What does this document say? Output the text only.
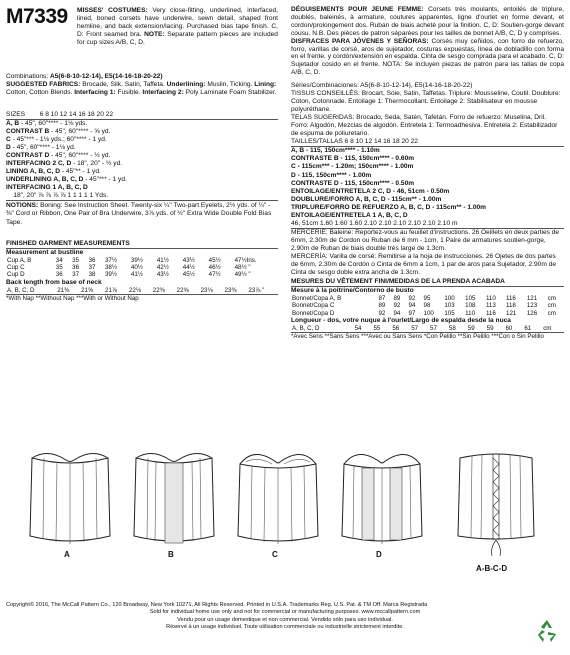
M7339 MISSES' COSTUMES: Very close-fitting, underlined, interfaced, lined, boned corsets have underwire, sewn detail, shaped front hemline, and back extension/lacing. Purchased bias tape finish. C, D: Front seamed bra. NOTE: Separate pattern pieces are included for cup sizes A/B, C, D.
Combinations: A5(6-8-10-12-14), E5(14-16-18-20-22)
SUGGESTED FABRICS: Brocade, Silk, Satin, Taffeta. Underlining: Muslin, Ticking. Lining: Cotton, Cotton Blends. Interfacing 1: Fusible. Interfacing 2: Poly Laminate Foam Stabilizer.
SIZES 6 8 10 12 14 16 18 20 22
A, B - 45", 60"**** - 1⅛ yds.
CONTRAST B - 45", 60"**** - ⅝ yd.
C - 45"*** - 1⅛ yds.; 60"**** - 1 yd.
D - 45", 60"**** - 1⅛ yd.
CONTRAST D - 45", 60"**** - ½ yd.
INTERFACING 2 C, D - 18", 20" - ½ yd.
LINING A, B, C, D - 45"** - 1 yd.
UNDERLINING A, B, C, D - 45"*** - 1 yd.
INTERFACING 1 A, B, C, D
18", 20" ⅞ ⅞ ⅞ ⅞ 1 1 1 1 1 Yds.
NOTIONS: Boning: See Instruction Sheet. Twenty-six ¼" Two-part Eyelets, 2½ yds. of ¼" - ⅜" Cord or Ribbon, One Pair of Bra Underwire, 3⅞ yds. of ½" Extra Wide Double Fold Bias Tape.
FINISHED GARMENT MEASUREMENTS
Measurement at bustline
Cup A, B	34	35	36	37½	39½	41½	43½	45½	47½Ins.
Cup C	35	36	37	38½	40½	42½	44½	46½	48½ "
Cup D	36	37	38	39½	41½	43½	45½	47½	49½ "
Back length from base of neck
A, B, C, D	21⅜	21⅝	21⅞	22⅛	22⅜	22⅝	23⅛	23⅜	23⅞ "
*With Nap **Without Nap ***With or Without Nap
DÉGUISEMENTS POUR JEUNE FEMME: Corsets très moulants, entoilés de triplure, doublés, baleinés, à armature, coutures apparentes, ligne d'ourlet en forme devant, et cordon/prolongement dos. Ruban de biais acheté pour la finition. C, D: Soutien-gorge devant cousu. N.B. Des pièces de patron séparées pour les tailles de bonnet A/B, C, D y comprises.
DISFRACES PARA JÓVENES Y SEÑORAS: Corsés muy ceñidos, con forro de refuerzo, forro, varillas de corsé, aros de sujetador, costuras expuestas, línea de dobladillo con forma en el frente, y cordón/extensión en espalda. Cinta de sesgo comprada para el acabado. C, D: Sujetador cosido en el frente. NOTA: Se incluyen piezas de patrón para las tallas de copa A/B, C, D.
Séries/Combinaciones: A5(6-8-10-12-14), E5(14-16-18-20-22)
TISSUS CONSEILLÉS: Brocart, Soie, Satin, Taffetas. Triplure: Mousseline, Coutil. Doublure: Coton, Cotonnade. Entoilage 1: Thermocollant. Entoilage 2: Stabilisateur en mousse polyuréthane.
TELAS SUGERIDAS: Brocado, Seda, Satén, Tafetán. Forro de refuerzo: Muselina, Dril. Forro: Algodón, Mezclas de algodón. Entretela 1: Termoadhesiva. Entretela 2: Estabilizador de espuma de poliuretano.
TAILLES/TALLAS 6 8 10 12 14 16 18 20 22
A, B - 115, 150cm**** - 1.10m
CONTRASTE B - 115, 150cm**** - 0.60m
C - 115cm*** - 1.20m; 150cm**** - 1.00m
D - 115, 150cm**** - 1.00m
CONTRASTE D - 115, 150cm**** - 0.50m
ENTOILAGE/ENTRETELA 2 C, D - 46, 51cm - 0.50m
DOUBLURE/FORRO A, B, C, D - 115cm** - 1.00m
TRIPLURE/FORRO DE REFUERZO A, B, C, D - 115cm** - 1.00m
ENTOILAGE/ENTRETELA 1 A, B, C, D
46, 51cm 1.60 1.60 1.60 2.10 2.10 2.10 2.10 2.10 2.10 m
MERCERIE: Baleine: Reportez-vous au feuillet d'instructions. 26 Oeillets en deux parties de 6mm, 2.30m de Cordon ou Ruban de 6 mm - 1cm, 1 Paire de armatures soutien-gorge, 2.90m de Ruban de biais double très large de 1.3cm.
MERCERÍA: Varilla de corsé: Remitirse a la hoja de instrucciones. 26 Ojetes de dos partes de 6mm, 2.30m de Cordón o Cinta de 6mm a 1cm, 1 par de aros para Sujetador, 2.90m de Cinta de sesgo doble extra ancha de 1.3cm.
MESURES DU VÊTEMENT FINI/MEDIDAS DE LA PRENDA ACABADA
Mesure à la poitrine/Contorno de busto
Bonnet/Copa A, B	87	89	92	95	100	105	110	116	121	cm
Bonnet/Copa C	89	92	94	98	103	108	113	118	123	cm
Bonnet/Copa D	92	94	97	100	105	110	116	121	126	cm
Longueur - dos, votre nuque à l'ourlet/Largo de espalda desde la nuca
A, B, C, D	54	55	56	57	57	58	59	59	60	61	cm
*Avec Sens **Sans Sens ***Avec ou Sans Sens *Con Pelillo **Sin Pelillo ***Con o Sin Pelillo
A	B	C	D
A-B-C-D
Copyright© 2016, The McCall Pattern Co., 120 Broadway, New York 10271, All Rights Reserved. Printed in U.S.A. Trademarks Reg. U.S. Pat. & TM Off. Marca Registrada
Sold for individual home use only and not for commercial or manufacturing purposes. www.mccallpattern.com
Vendu pour un usage domestique et non commercial. Vendido sólo para uso individual.
Réservé à un usage individuel. Toute utilisation commerciale ou industrielle strictement interdite.
